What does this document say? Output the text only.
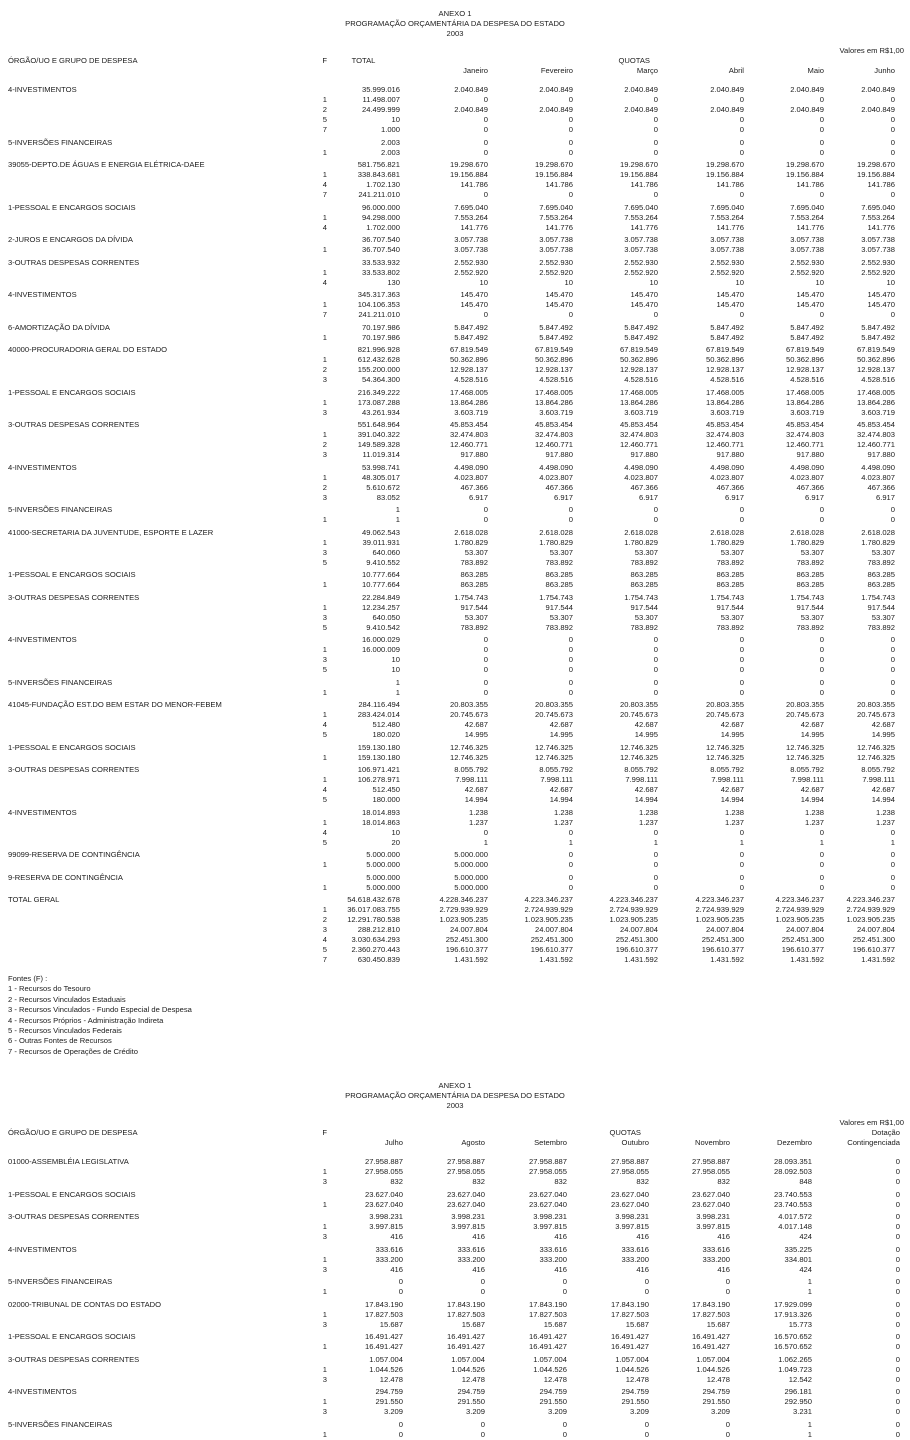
ANEXO 1
PROGRAMAÇÃO ORÇAMENTÁRIA DA DESPESA DO ESTADO
2003
Valores em R$1,00
ÓRGÃO/UO E GRUPO DE DESPESA	F	TOTAL	QUOTAS
Janeiro	Fevereiro	Março	Abril	Maio	Junho
4-INVESTIMENTOS	35.999.016	2.040.849	2.040.849	2.040.849	2.040.849	2.040.849	2.040.849
1	11.498.007	0	0	0	0	0	0
2	24.499.999	2.040.849	2.040.849	2.040.849	2.040.849	2.040.849	2.040.849
5	10	0	0	0	0	0	0
7	1.000	0	0	0	0	0	0
5-INVERSÕES FINANCEIRAS	2.003	0	0	0	0	0	0
1	2.003	0	0	0	0	0	0
39055-DEPTO.DE ÁGUAS E ENERGIA ELÉTRICA-DAEE	581.756.821	19.298.670	19.298.670	19.298.670	19.298.670	19.298.670	19.298.670
1	338.843.681	19.156.884	19.156.884	19.156.884	19.156.884	19.156.884	19.156.884
4	1.702.130	141.786	141.786	141.786	141.786	141.786	141.786
7	241.211.010	0	0	0	0	0	0
1-PESSOAL E ENCARGOS SOCIAIS	96.000.000	7.695.040	7.695.040	7.695.040	7.695.040	7.695.040	7.695.040
1	94.298.000	7.553.264	7.553.264	7.553.264	7.553.264	7.553.264	7.553.264
4	1.702.000	141.776	141.776	141.776	141.776	141.776	141.776
2-JUROS E ENCARGOS DA DÍVIDA	36.707.540	3.057.738	3.057.738	3.057.738	3.057.738	3.057.738	3.057.738
1	36.707.540	3.057.738	3.057.738	3.057.738	3.057.738	3.057.738	3.057.738
3-OUTRAS DESPESAS CORRENTES	33.533.932	2.552.930	2.552.930	2.552.930	2.552.930	2.552.930	2.552.930
1	33.533.802	2.552.920	2.552.920	2.552.920	2.552.920	2.552.920	2.552.920
4	130	10	10	10	10	10	10
4-INVESTIMENTOS	345.317.363	145.470	145.470	145.470	145.470	145.470	145.470
1	104.106.353	145.470	145.470	145.470	145.470	145.470	145.470
7	241.211.010	0	0	0	0	0	0
6-AMORTIZAÇÃO DA DÍVIDA	70.197.986	5.847.492	5.847.492	5.847.492	5.847.492	5.847.492	5.847.492
1	70.197.986	5.847.492	5.847.492	5.847.492	5.847.492	5.847.492	5.847.492
40000-PROCURADORIA GERAL DO ESTADO	821.996.928	67.819.549	67.819.549	67.819.549	67.819.549	67.819.549	67.819.549
1	612.432.628	50.362.896	50.362.896	50.362.896	50.362.896	50.362.896	50.362.896
2	155.200.000	12.928.137	12.928.137	12.928.137	12.928.137	12.928.137	12.928.137
3	54.364.300	4.528.516	4.528.516	4.528.516	4.528.516	4.528.516	4.528.516
1-PESSOAL E ENCARGOS SOCIAIS	216.349.222	17.468.005	17.468.005	17.468.005	17.468.005	17.468.005	17.468.005
1	173.087.288	13.864.286	13.864.286	13.864.286	13.864.286	13.864.286	13.864.286
3	43.261.934	3.603.719	3.603.719	3.603.719	3.603.719	3.603.719	3.603.719
3-OUTRAS DESPESAS CORRENTES	551.648.964	45.853.454	45.853.454	45.853.454	45.853.454	45.853.454	45.853.454
1	391.040.322	32.474.803	32.474.803	32.474.803	32.474.803	32.474.803	32.474.803
2	149.589.328	12.460.771	12.460.771	12.460.771	12.460.771	12.460.771	12.460.771
3	11.019.314	917.880	917.880	917.880	917.880	917.880	917.880
4-INVESTIMENTOS	53.998.741	4.498.090	4.498.090	4.498.090	4.498.090	4.498.090	4.498.090
1	48.305.017	4.023.807	4.023.807	4.023.807	4.023.807	4.023.807	4.023.807
2	5.610.672	467.366	467.366	467.366	467.366	467.366	467.366
3	83.052	6.917	6.917	6.917	6.917	6.917	6.917
5-INVERSÕES FINANCEIRAS	1	0	0	0	0	0	0
1	1	0	0	0	0	0	0
41000-SECRETARIA DA JUVENTUDE, ESPORTE E LAZER	49.062.543	2.618.028	2.618.028	2.618.028	2.618.028	2.618.028	2.618.028
1	39.011.931	1.780.829	1.780.829	1.780.829	1.780.829	1.780.829	1.780.829
3	640.060	53.307	53.307	53.307	53.307	53.307	53.307
5	9.410.552	783.892	783.892	783.892	783.892	783.892	783.892
1-PESSOAL E ENCARGOS SOCIAIS	10.777.664	863.285	863.285	863.285	863.285	863.285	863.285
1	10.777.664	863.285	863.285	863.285	863.285	863.285	863.285
3-OUTRAS DESPESAS CORRENTES	22.284.849	1.754.743	1.754.743	1.754.743	1.754.743	1.754.743	1.754.743
1	12.234.257	917.544	917.544	917.544	917.544	917.544	917.544
3	640.050	53.307	53.307	53.307	53.307	53.307	53.307
5	9.410.542	783.892	783.892	783.892	783.892	783.892	783.892
4-INVESTIMENTOS	16.000.029	0	0	0	0	0	0
1	16.000.009	0	0	0	0	0	0
3	10	0	0	0	0	0	0
5	10	0	0	0	0	0	0
5-INVERSÕES FINANCEIRAS	1	0	0	0	0	0	0
1	1	0	0	0	0	0	0
41045-FUNDAÇÃO EST.DO BEM ESTAR DO MENOR-FEBEM	284.116.494	20.803.355	20.803.355	20.803.355	20.803.355	20.803.355	20.803.355
1	283.424.014	20.745.673	20.745.673	20.745.673	20.745.673	20.745.673	20.745.673
4	512.480	42.687	42.687	42.687	42.687	42.687	42.687
5	180.020	14.995	14.995	14.995	14.995	14.995	14.995
1-PESSOAL E ENCARGOS SOCIAIS	159.130.180	12.746.325	12.746.325	12.746.325	12.746.325	12.746.325	12.746.325
1	159.130.180	12.746.325	12.746.325	12.746.325	12.746.325	12.746.325	12.746.325
3-OUTRAS DESPESAS CORRENTES	106.971.421	8.055.792	8.055.792	8.055.792	8.055.792	8.055.792	8.055.792
1	106.278.971	7.998.111	7.998.111	7.998.111	7.998.111	7.998.111	7.998.111
4	512.450	42.687	42.687	42.687	42.687	42.687	42.687
5	180.000	14.994	14.994	14.994	14.994	14.994	14.994
4-INVESTIMENTOS	18.014.893	1.238	1.238	1.238	1.238	1.238	1.238
1	18.014.863	1.237	1.237	1.237	1.237	1.237	1.237
4	10	0	0	0	0	0	0
5	20	1	1	1	1	1	1
99099-RESERVA DE CONTINGÊNCIA	5.000.000	5.000.000	0	0	0	0	0
1	5.000.000	5.000.000	0	0	0	0	0
9-RESERVA DE CONTINGÊNCIA	5.000.000	5.000.000	0	0	0	0	0
1	5.000.000	5.000.000	0	0	0	0	0
TOTAL GERAL	54.618.432.678	4.228.346.237	4.223.346.237	4.223.346.237	4.223.346.237	4.223.346.237	4.223.346.237
1	36.017.083.755	2.729.939.929	2.724.939.929	2.724.939.929	2.724.939.929	2.724.939.929	2.724.939.929
2	12.291.780.538	1.023.905.235	1.023.905.235	1.023.905.235	1.023.905.235	1.023.905.235	1.023.905.235
3	288.212.810	24.007.804	24.007.804	24.007.804	24.007.804	24.007.804	24.007.804
4	3.030.634.293	252.451.300	252.451.300	252.451.300	252.451.300	252.451.300	252.451.300
5	2.360.270.443	196.610.377	196.610.377	196.610.377	196.610.377	196.610.377	196.610.377
7	630.450.839	1.431.592	1.431.592	1.431.592	1.431.592	1.431.592	1.431.592
Fontes (F) :
1 - Recursos do Tesouro
2 - Recursos Vinculados Estaduais
3 - Recursos Vinculados - Fundo Especial de Despesa
4 - Recursos Próprios - Administração Indireta
5 - Recursos Vinculados Federais
6 - Outras Fontes de Recursos
7 - Recursos de Operações de Crédito
ANEXO 1
PROGRAMAÇÃO ORÇAMENTÁRIA DA DESPESA DO ESTADO
2003
Valores em R$1,00
ÓRGÃO/UO E GRUPO DE DESPESA	F	QUOTAS	Dotação
Julho	Agosto	Setembro	Outubro	Novembro	Dezembro	Contingenciada
01000-ASSEMBLÉIA LEGISLATIVA	27.958.887	27.958.887	27.958.887	27.958.887	27.958.887	28.093.351	0
1	27.958.055	27.958.055	27.958.055	27.958.055	27.958.055	28.092.503	0
3	832	832	832	832	832	848	0
1-PESSOAL E ENCARGOS SOCIAIS	23.627.040	23.627.040	23.627.040	23.627.040	23.627.040	23.740.553	0
1	23.627.040	23.627.040	23.627.040	23.627.040	23.627.040	23.740.553	0
3-OUTRAS DESPESAS CORRENTES	3.998.231	3.998.231	3.998.231	3.998.231	3.998.231	4.017.572	0
1	3.997.815	3.997.815	3.997.815	3.997.815	3.997.815	4.017.148	0
3	416	416	416	416	416	424	0
4-INVESTIMENTOS	333.616	333.616	333.616	333.616	333.616	335.225	0
1	333.200	333.200	333.200	333.200	333.200	334.801	0
3	416	416	416	416	416	424	0
5-INVERSÕES FINANCEIRAS	0	0	0	0	0	1	0
1	0	0	0	0	0	1	0
02000-TRIBUNAL DE CONTAS DO ESTADO	17.843.190	17.843.190	17.843.190	17.843.190	17.843.190	17.929.099	0
1	17.827.503	17.827.503	17.827.503	17.827.503	17.827.503	17.913.326	0
3	15.687	15.687	15.687	15.687	15.687	15.773	0
1-PESSOAL E ENCARGOS SOCIAIS	16.491.427	16.491.427	16.491.427	16.491.427	16.491.427	16.570.652	0
1	16.491.427	16.491.427	16.491.427	16.491.427	16.491.427	16.570.652	0
3-OUTRAS DESPESAS CORRENTES	1.057.004	1.057.004	1.057.004	1.057.004	1.057.004	1.062.265	0
1	1.044.526	1.044.526	1.044.526	1.044.526	1.044.526	1.049.723	0
3	12.478	12.478	12.478	12.478	12.478	12.542	0
4-INVESTIMENTOS	294.759	294.759	294.759	294.759	294.759	296.181	0
1	291.550	291.550	291.550	291.550	291.550	292.950	0
3	3.209	3.209	3.209	3.209	3.209	3.231	0
5-INVERSÕES FINANCEIRAS	0	0	0	0	0	1	0
1	0	0	0	0	0	1	0
